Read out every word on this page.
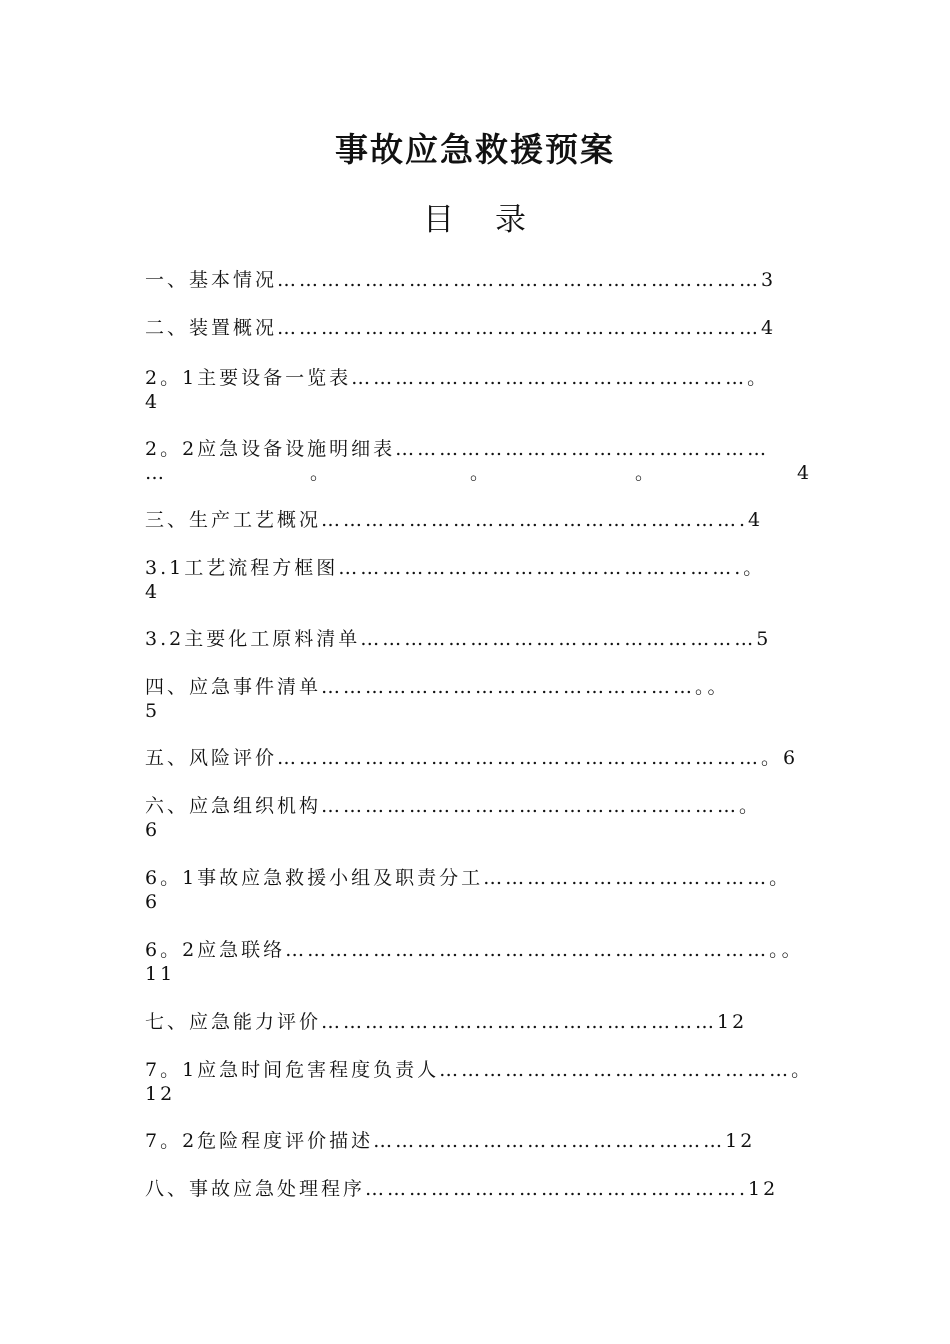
事故应急救援预案
目 录
一、基本情况…………………………………………………………3
二、装置概况…………………………………………………………4
2。1主要设备一览表………………………………………………。
4
2。2应急设备设施明细表……………………………………………
…	。	。	。	4
三、生产工艺概况………………………………………………….4
3.1工艺流程方框图……………………………………………….。
4
3.2主要化工原料清单………………………………………………5
四、应急事件清单……………………………………………。。
5
五、风险评价…………………………………………………………。6
六、应急组织机构…………………………………………………。
6
6。1事故应急救援小组及职责分工…………………………………。
6
6。2应急联络…………………………………………………………。。
11
七、应急能力评价………………………………………………12
7。1应急时间危害程度负责人…………………………………………。
12
7。2危险程度评价描述…………………………………………12
八、事故应急处理程序…………………………………………….12
